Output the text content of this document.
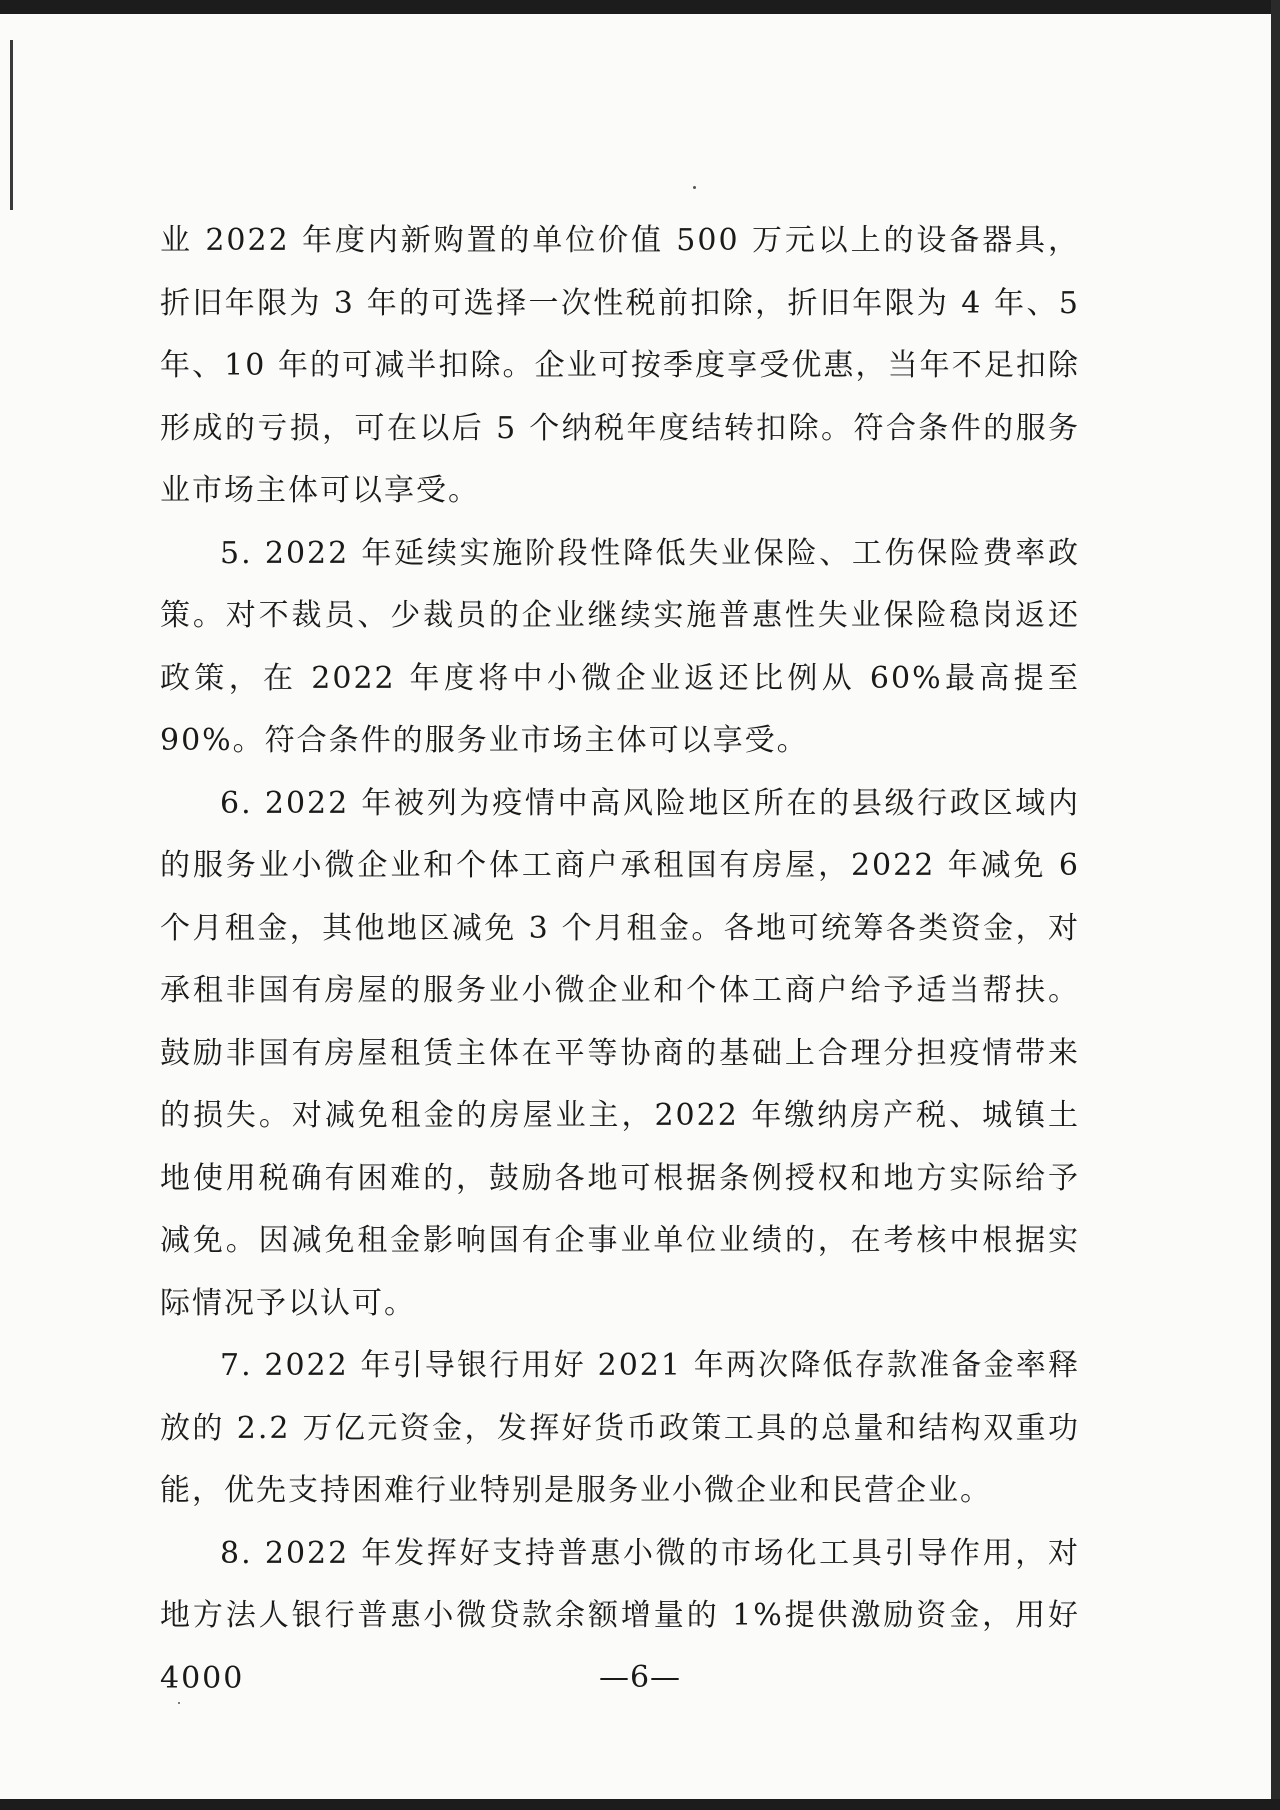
业 2022 年度内新购置的单位价值 500 万元以上的设备器具，折旧年限为 3 年的可选择一次性税前扣除，折旧年限为 4 年、5 年、10 年的可减半扣除。企业可按季度享受优惠，当年不足扣除形成的亏损，可在以后 5 个纳税年度结转扣除。符合条件的服务业市场主体可以享受。

5. 2022 年延续实施阶段性降低失业保险、工伤保险费率政策。对不裁员、少裁员的企业继续实施普惠性失业保险稳岗返还政策，在 2022 年度将中小微企业返还比例从 60%最高提至 90%。符合条件的服务业市场主体可以享受。

6. 2022 年被列为疫情中高风险地区所在的县级行政区域内的服务业小微企业和个体工商户承租国有房屋，2022 年减免 6 个月租金，其他地区减免 3 个月租金。各地可统筹各类资金，对承租非国有房屋的服务业小微企业和个体工商户给予适当帮扶。鼓励非国有房屋租赁主体在平等协商的基础上合理分担疫情带来的损失。对减免租金的房屋业主，2022 年缴纳房产税、城镇土地使用税确有困难的，鼓励各地可根据条例授权和地方实际给予减免。因减免租金影响国有企事业单位业绩的，在考核中根据实际情况予以认可。

7. 2022 年引导银行用好 2021 年两次降低存款准备金率释放的 2.2 万亿元资金，发挥好货币政策工具的总量和结构双重功能，优先支持困难行业特别是服务业小微企业和民营企业。

8. 2022 年发挥好支持普惠小微的市场化工具引导作用，对地方法人银行普惠小微贷款余额增量的 1%提供激励资金，用好 4000	—6—
